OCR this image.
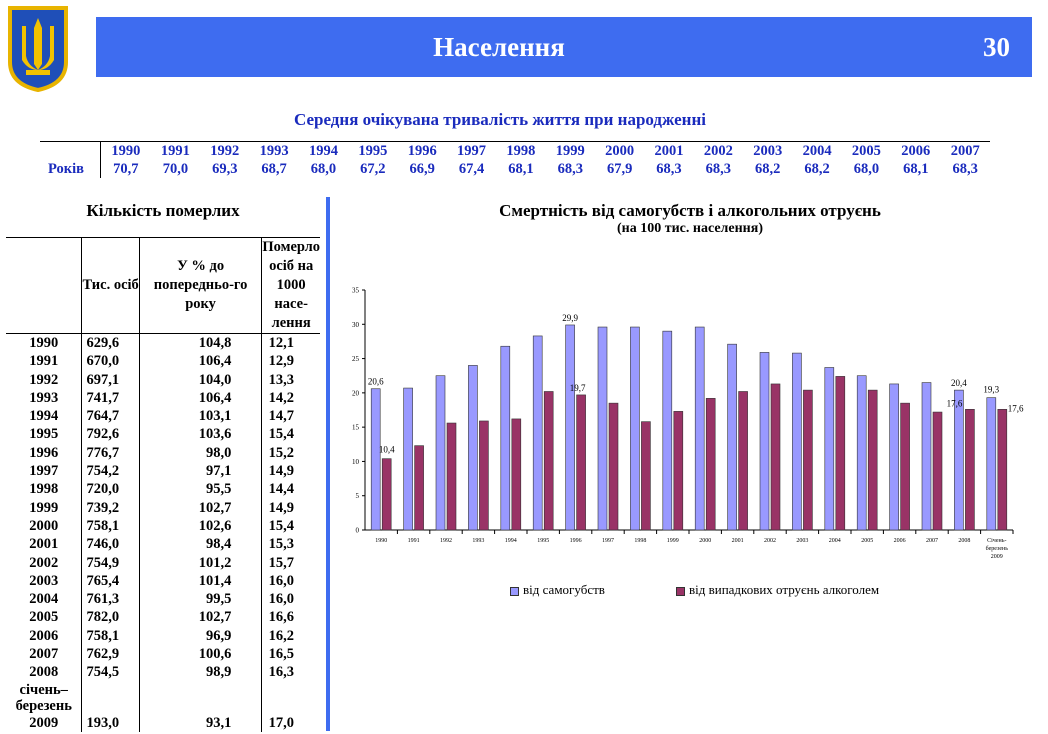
Населення	30
Середня очікувана тривалість життя при народженні
	1990	1991	1992	1993	1994	1995	1996	1997	1998	1999	2000	2001	2002	2003	2004	2005	2006	2007
Років	70,7	70,0	69,3	68,7	68,0	67,2	66,9	67,4	68,1	68,3	67,9	68,3	68,3	68,2	68,2	68,0	68,1	68,3
Кількість померлих
	Тис. осіб	У % до попередньо-го року	Померло осіб на 1000 насе-лення
1990	629,6	104,8	12,1
1991	670,0	106,4	12,9
1992	697,1	104,0	13,3
1993	741,7	106,4	14,2
1994	764,7	103,1	14,7
1995	792,6	103,6	15,4
1996	776,7	98,0	15,2
1997	754,2	97,1	14,9
1998	720,0	95,5	14,4
1999	739,2	102,7	14,9
2000	758,1	102,6	15,4
2001	746,0	98,4	15,3
2002	754,9	101,2	15,7
2003	765,4	101,4	16,0
2004	761,3	99,5	16,0
2005	782,0	102,7	16,6
2006	758,1	96,9	16,2
2007	762,9	100,6	16,5
2008	754,5	98,9	16,3
січень–березень			
2009	193,0	93,1	17,0
Смертність від самогубств і алкогольних отруєнь
(на 100 тис. населення)
0
5
10
15
20
25
30
35
1990	1991	1992	1993	1994	1995	1996	1997	1998	1999	2000	2001	2002	2003	2004	2005	2006	2007	2008	Січень-
березень
2009
20,6
10,4
29,9
19,7	20,4
17,6
19,3
17,6
від самогубств	від випадкових отруєнь алкоголем
